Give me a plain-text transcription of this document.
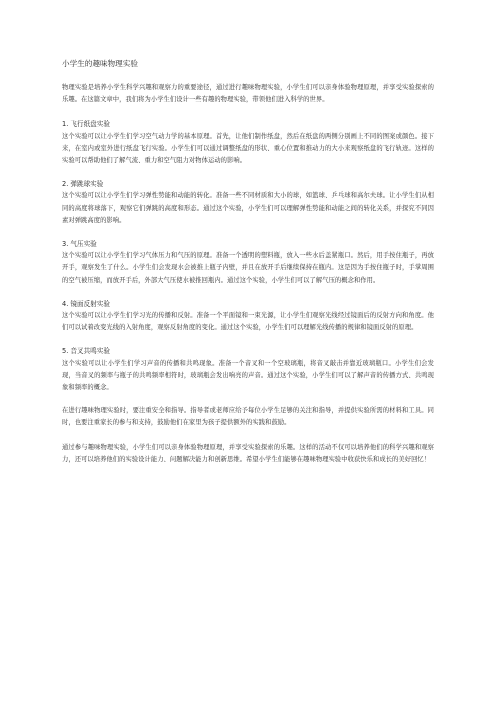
小学生的趣味物理实验

物理实验是培养小学生科学兴趣和观察力的重要途径，通过进行趣味物理实验，小学生们可以亲身体验物理原理，并享受实验探索的乐趣。在这篇文章中，我们将为小学生们设计一些有趣的物理实验，带领他们进入科学的世界。

1. 飞行纸盘实验

这个实验可以让小学生们学习空气动力学的基本原理。首先，让他们制作纸盘，然后在纸盘的两侧分别画上不同的图案或颜色。接下来，在室内或室外进行纸盘飞行实验。小学生们可以通过调整纸盘的形状、重心位置和推动力的大小来观察纸盘的飞行轨迹。这样的实验可以帮助他们了解气流、重力和空气阻力对物体运动的影响。

2. 弹跳球实验

这个实验可以让小学生们学习弹性势能和动能的转化。准备一些不同材质和大小的球，如篮球、乒乓球和高尔夫球。让小学生们从相同的高度将球落下，观察它们弹跳的高度和形态。通过这个实验，小学生们可以理解弹性势能和动能之间的转化关系，并探究不同因素对弹跳高度的影响。

3. 气压实验

这个实验可以让小学生们学习气体压力和气压的原理。准备一个透明的塑料瓶，放入一些水后盖紧瓶口。然后，用手按住瓶子，再放开手，观察发生了什么。小学生们会发现水会被推上瓶子内壁，并且在放开手后继续保持在瓶内。这是因为手按住瓶子时，手掌周围的空气被压缩，而放开手后，外部大气压使水被推回瓶内。通过这个实验，小学生们可以了解气压的概念和作用。

4. 镜面反射实验

这个实验可以让小学生们学习光的传播和反射。准备一个平面镜和一束光源，让小学生们观察光线经过镜面后的反射方向和角度。他们可以试着改变光线的入射角度，观察反射角度的变化。通过这个实验，小学生们可以理解光线传播的规律和镜面反射的原理。

5. 音叉共鸣实验

这个实验可以让小学生们学习声音的传播和共鸣现象。准备一个音叉和一个空玻璃瓶，将音叉敲击并靠近玻璃瓶口。小学生们会发现，当音叉的频率与瓶子的共鸣频率相符时，玻璃瓶会发出响亮的声音。通过这个实验，小学生们可以了解声音的传播方式、共鸣现象和频率的概念。

在进行趣味物理实验时，要注重安全和指导。指导者或老师应给予每位小学生足够的关注和指导，并提供实验所需的材料和工具。同时，也要注重家长的参与和支持，鼓励他们在家里为孩子提供额外的实践和鼓励。

通过参与趣味物理实验，小学生们可以亲身体验物理原理，并享受实验探索的乐趣。这样的活动不仅可以培养他们的科学兴趣和观察力，还可以培养他们的实验设计能力、问题解决能力和创新思维。希望小学生们能够在趣味物理实验中收获快乐和成长的美好回忆！
